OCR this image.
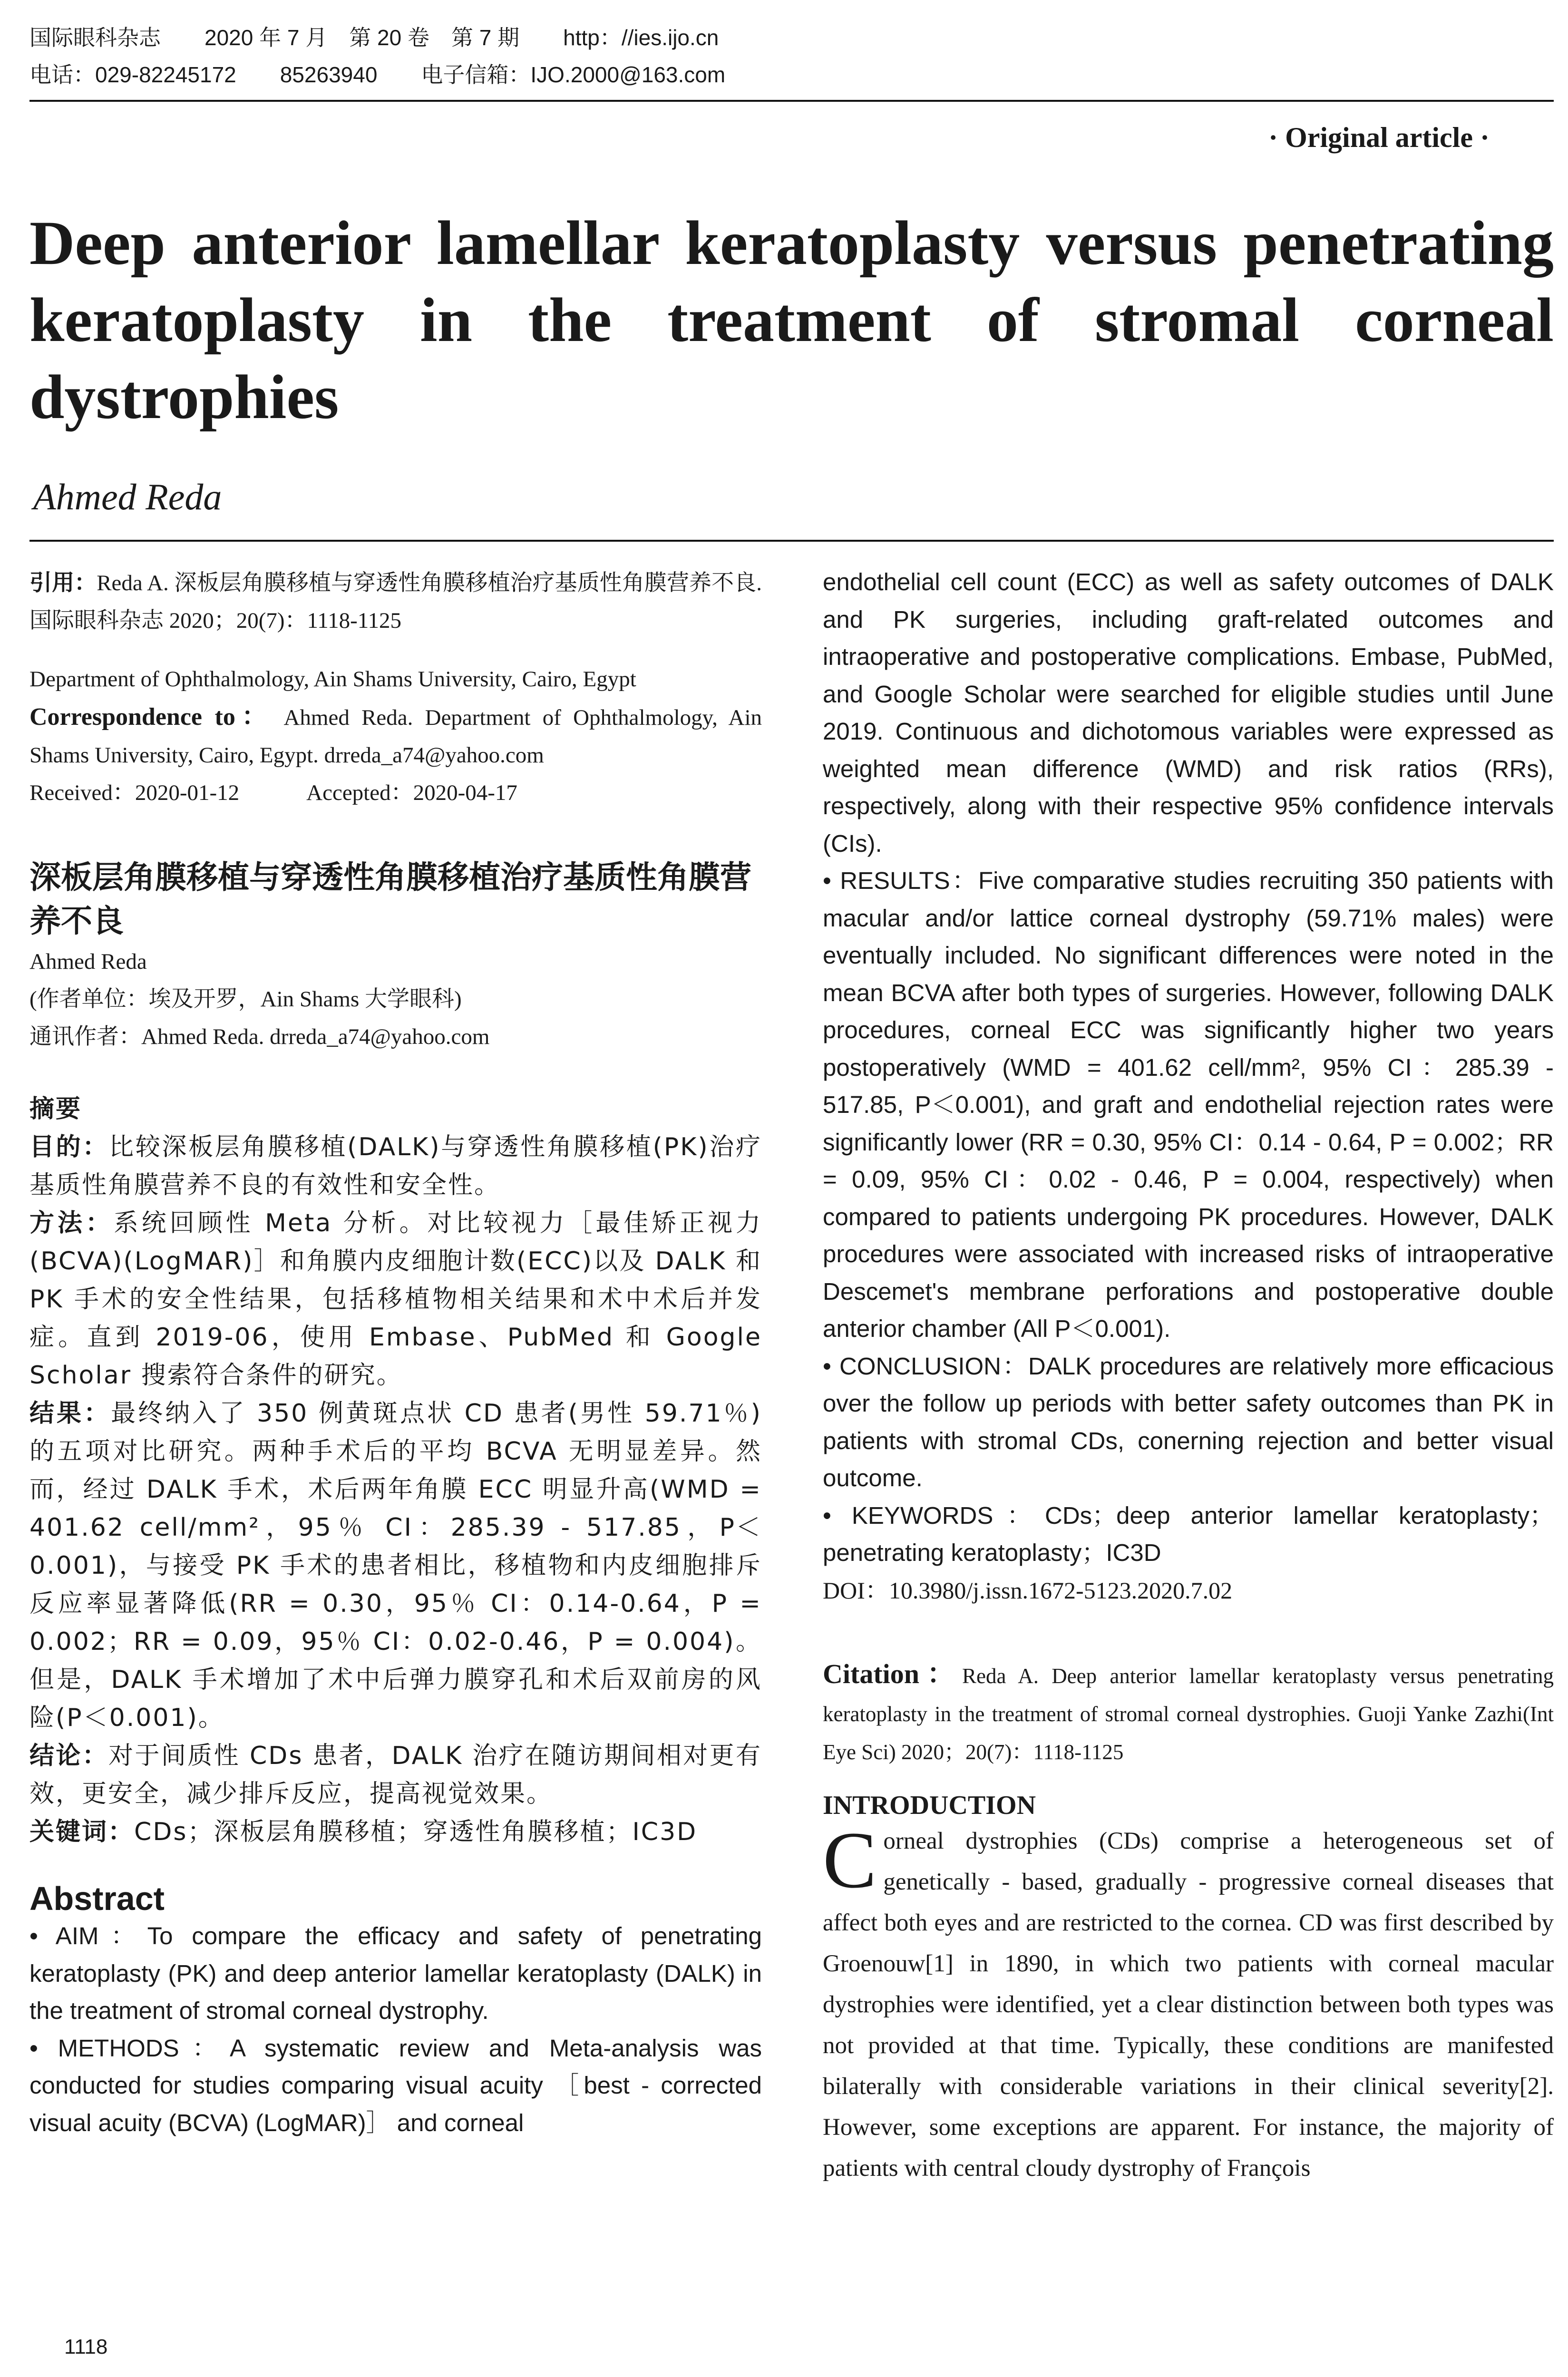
国际眼科杂志　　2020 年 7 月　第 20 卷　第 7 期　　http：//ies.ijo.cn
电话：029-82245172　　85263940　　电子信箱：IJO.2000@163.com
· Original article ·
Deep anterior lamellar keratoplasty versus penetrating
keratoplasty in the treatment of stromal corneal
dystrophies
Ahmed Reda
引用：Reda A. 深板层角膜移植与穿透性角膜移植治疗基质性角膜营养不良. 国际眼科杂志 2020；20(7)：1118-1125
Department of Ophthalmology, Ain Shams University, Cairo, Egypt
Correspondence to： Ahmed Reda. Department of Ophthalmology, Ain Shams University, Cairo, Egypt. drreda_a74@yahoo.com
Received：2020-01-12　　　Accepted：2020-04-17
深板层角膜移植与穿透性角膜移植治疗基质性角膜营养不良
Ahmed Reda
(作者单位：埃及开罗，Ain Shams 大学眼科)
通讯作者：Ahmed Reda. drreda_a74@yahoo.com
摘要
目的：比较深板层角膜移植(DALK)与穿透性角膜移植(PK)治疗基质性角膜营养不良的有效性和安全性。
方法：系统回顾性 Meta 分析。对比较视力［最佳矫正视力(BCVA)(LogMAR)］和角膜内皮细胞计数(ECC)以及 DALK 和 PK 手术的安全性结果，包括移植物相关结果和术中术后并发症。直到 2019-06，使用 Embase、PubMed 和 Google Scholar 搜索符合条件的研究。
结果：最终纳入了 350 例黄斑点状 CD 患者(男性 59.71％)的五项对比研究。两种手术后的平均 BCVA 无明显差异。然而，经过 DALK 手术，术后两年角膜 ECC 明显升高(WMD = 401.62 cell/mm²，95％ CI：285.39 - 517.85，P＜0.001)，与接受 PK 手术的患者相比，移植物和内皮细胞排斥反应率显著降低(RR = 0.30，95％ CI：0.14-0.64，P = 0.002；RR = 0.09，95％ CI：0.02-0.46，P = 0.004)。但是，DALK 手术增加了术中后弹力膜穿孔和术后双前房的风险(P＜0.001)。
结论：对于间质性 CDs 患者，DALK 治疗在随访期间相对更有效，更安全，减少排斥反应，提高视觉效果。
关键词：CDs；深板层角膜移植；穿透性角膜移植；IC3D
Abstract
• AIM：To compare the efficacy and safety of penetrating keratoplasty (PK) and deep anterior lamellar keratoplasty (DALK) in the treatment of stromal corneal dystrophy.
• METHODS：A systematic review and Meta-analysis was conducted for studies comparing visual acuity ［best - corrected visual acuity (BCVA) (LogMAR)］ and corneal
endothelial cell count (ECC) as well as safety outcomes of DALK and PK surgeries, including graft-related outcomes and intraoperative and postoperative complications. Embase, PubMed, and Google Scholar were searched for eligible studies until June 2019. Continuous and dichotomous variables were expressed as weighted mean difference (WMD) and risk ratios (RRs), respectively, along with their respective 95% confidence intervals (CIs).
• RESULTS：Five comparative studies recruiting 350 patients with macular and/or lattice corneal dystrophy (59.71% males) were eventually included. No significant differences were noted in the mean BCVA after both types of surgeries. However, following DALK procedures, corneal ECC was significantly higher two years postoperatively (WMD = 401.62 cell/mm², 95% CI：285.39 - 517.85, P＜0.001), and graft and endothelial rejection rates were significantly lower (RR = 0.30, 95% CI：0.14 - 0.64, P = 0.002；RR = 0.09, 95% CI：0.02 - 0.46, P = 0.004, respectively) when compared to patients undergoing PK procedures. However, DALK procedures were associated with increased risks of intraoperative Descemet's membrane perforations and postoperative double anterior chamber (All P＜0.001).
• CONCLUSION：DALK procedures are relatively more efficacious over the follow up periods with better safety outcomes than PK in patients with stromal CDs, conerning rejection and better visual outcome.
• KEYWORDS：CDs；deep anterior lamellar keratoplasty；penetrating keratoplasty；IC3D
DOI：10.3980/j.issn.1672-5123.2020.7.02
Citation：Reda A. Deep anterior lamellar keratoplasty versus penetrating keratoplasty in the treatment of stromal corneal dystrophies. Guoji Yanke Zazhi(Int Eye Sci) 2020；20(7)：1118-1125
INTRODUCTION
Corneal dystrophies (CDs) comprise a heterogeneous set of genetically - based, gradually - progressive corneal diseases that affect both eyes and are restricted to the cornea. CD was first described by Groenouw[1] in 1890, in which two patients with corneal macular dystrophies were identified, yet a clear distinction between both types was not provided at that time. Typically, these conditions are manifested bilaterally with considerable variations in their clinical severity[2]. However, some exceptions are apparent. For instance, the majority of patients with central cloudy dystrophy of François
1118
